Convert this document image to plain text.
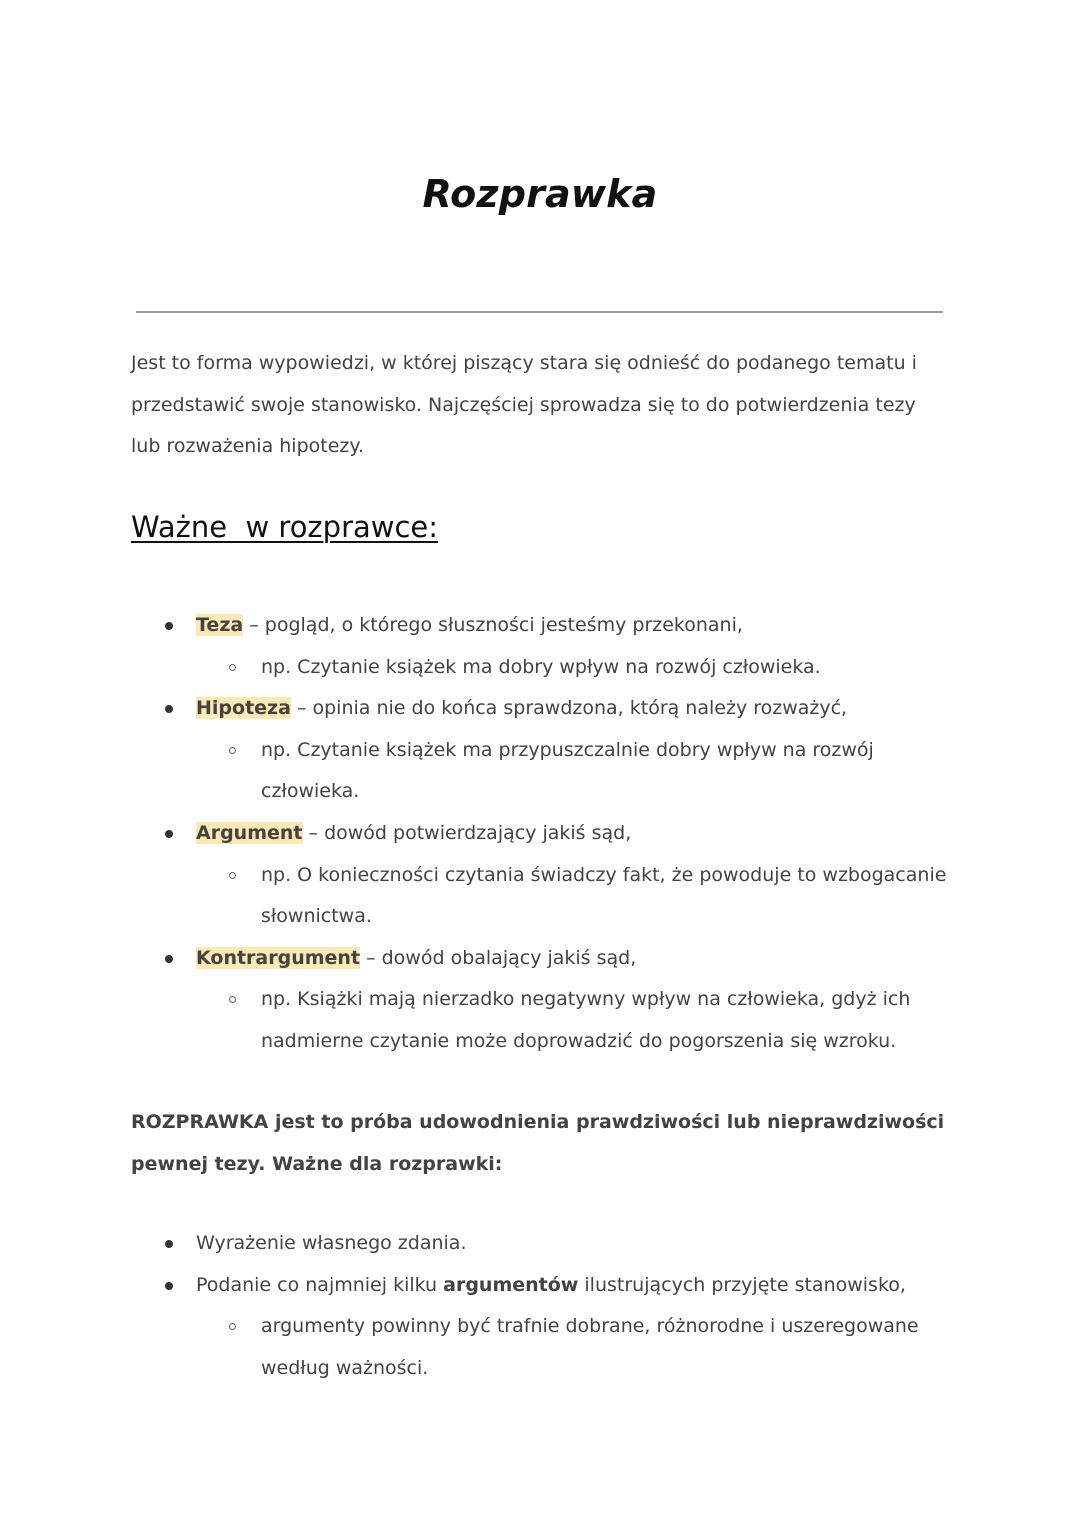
Rozprawka

Jest to forma wypowiedzi, w której piszący stara się odnieść do podanego tematu i przedstawić swoje stanowisko. Najczęściej sprowadza się to do potwierdzenia tezy lub rozważenia hipotezy.

Ważne  w rozprawce:
Teza – pogląd, o którego słuszności jesteśmy przekonani,
np. Czytanie książek ma dobry wpływ na rozwój człowieka.
Hipoteza – opinia nie do końca sprawdzona, którą należy rozważyć,
np. Czytanie książek ma przypuszczalnie dobry wpływ na rozwój człowieka.
Argument – dowód potwierdzający jakiś sąd,
np. O konieczności czytania świadczy fakt, że powoduje to wzbogacanie słownictwa.
Kontrargument – dowód obalający jakiś sąd,
np. Książki mają nierzadko negatywny wpływ na człowieka, gdyż ich nadmierne czytanie może doprowadzić do pogorszenia się wzroku.

ROZPRAWKA jest to próba udowodnienia prawdziwości lub nieprawdziwości pewnej tezy. Ważne dla rozprawki:

Wyrażenie własnego zdania.
Podanie co najmniej kilku argumentów ilustrujących przyjęte stanowisko,
argumenty powinny być trafnie dobrane, różnorodne i uszeregowane według ważności.
